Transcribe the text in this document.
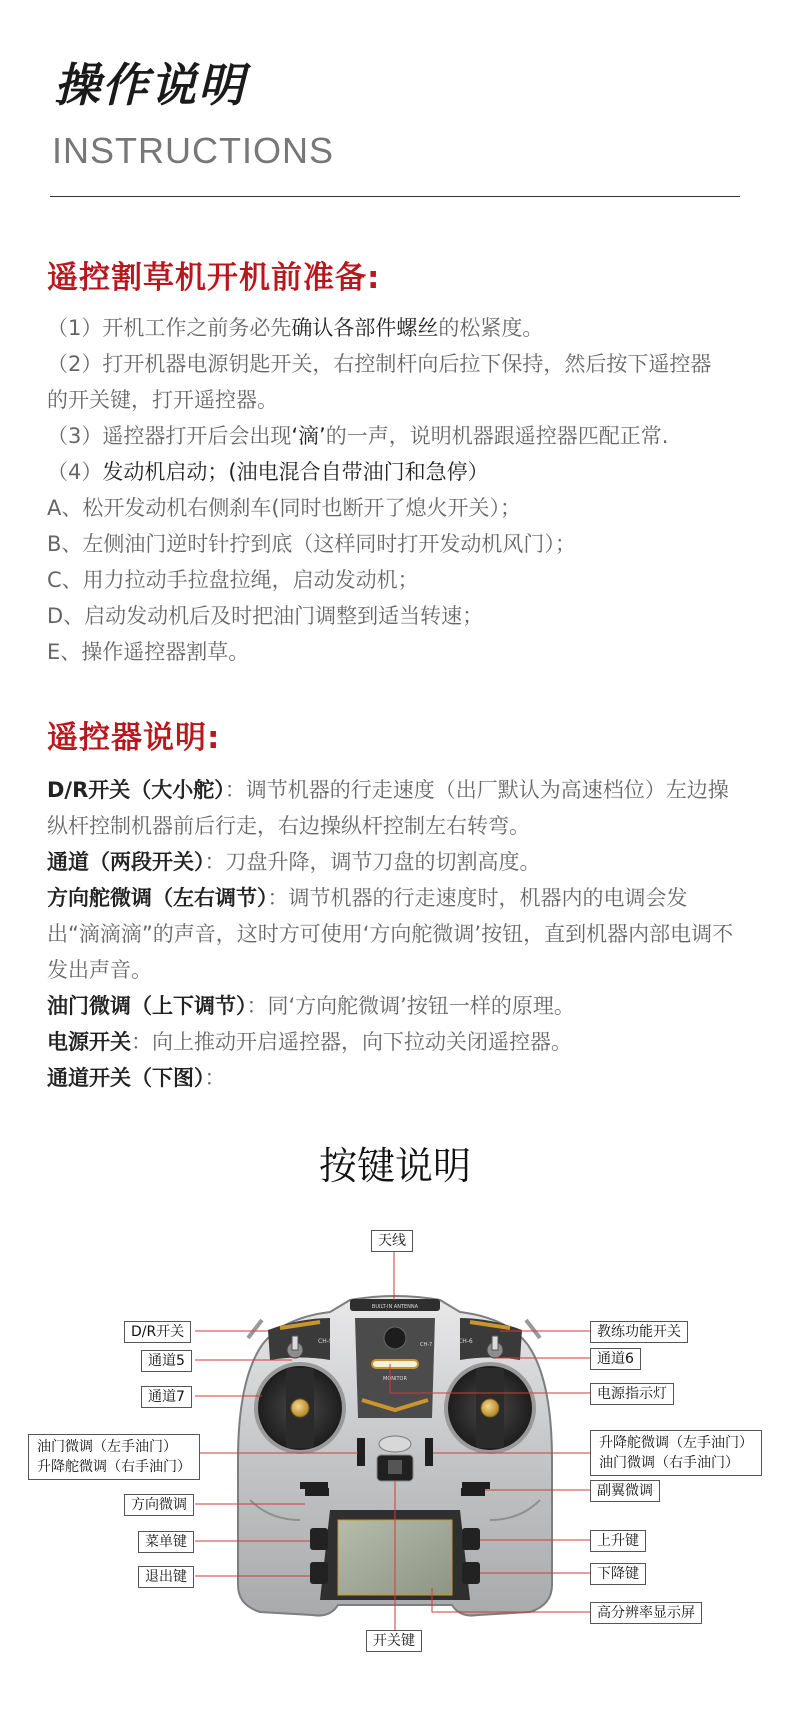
操作说明
INSTRUCTIONS
遥控割草机开机前准备:

（1）开机工作之前务必先确认各部件螺丝的松紧度。

（2）打开机器电源钥匙开关，右控制杆向后拉下保持，然后按下遥控器的开关键，打开遥控器。

（3）遥控器打开后会出现‘滴’的一声，说明机器跟遥控器匹配正常.

（4）发动机启动；(油电混合自带油门和急停）

A、松开发动机右侧刹车(同时也断开了熄火开关）；

B、左侧油门逆时针拧到底（这样同时打开发动机风门）；

C、用力拉动手拉盘拉绳，启动发动机；

D、启动发动机后及时把油门调整到适当转速；

E、操作遥控器割草。

遥控器说明:

D/R开关（大小舵）：调节机器的行走速度（出厂默认为高速档位）左边操纵杆控制机器前后行走，右边操纵杆控制左右转弯。

通道（两段开关）：刀盘升降，调节刀盘的切割高度。

方向舵微调（左右调节）：调节机器的行走速度时，机器内的电调会发出“滴滴滴”的声音，这时方可使用‘方向舵微调’按钮，直到机器内部电调不发出声音。

油门微调（上下调节）：同‘方向舵微调’按钮一样的原理。

电源开关：向上推动开启遥控器，向下拉动关闭遥控器。

通道开关（下图）：

按键说明
BUILT-IN ANTENNA
CH-5	CH-6
CH-7
MONITOR
天线
D/R开关
通道5
通道7
油门微调（左手油门）
升降舵微调（右手油门）
方向微调
菜单键
退出键
开关键
教练功能开关
通道6
电源指示灯
升降舵微调（左手油门）
油门微调（右手油门）
副翼微调
上升键
下降键
高分辨率显示屏
